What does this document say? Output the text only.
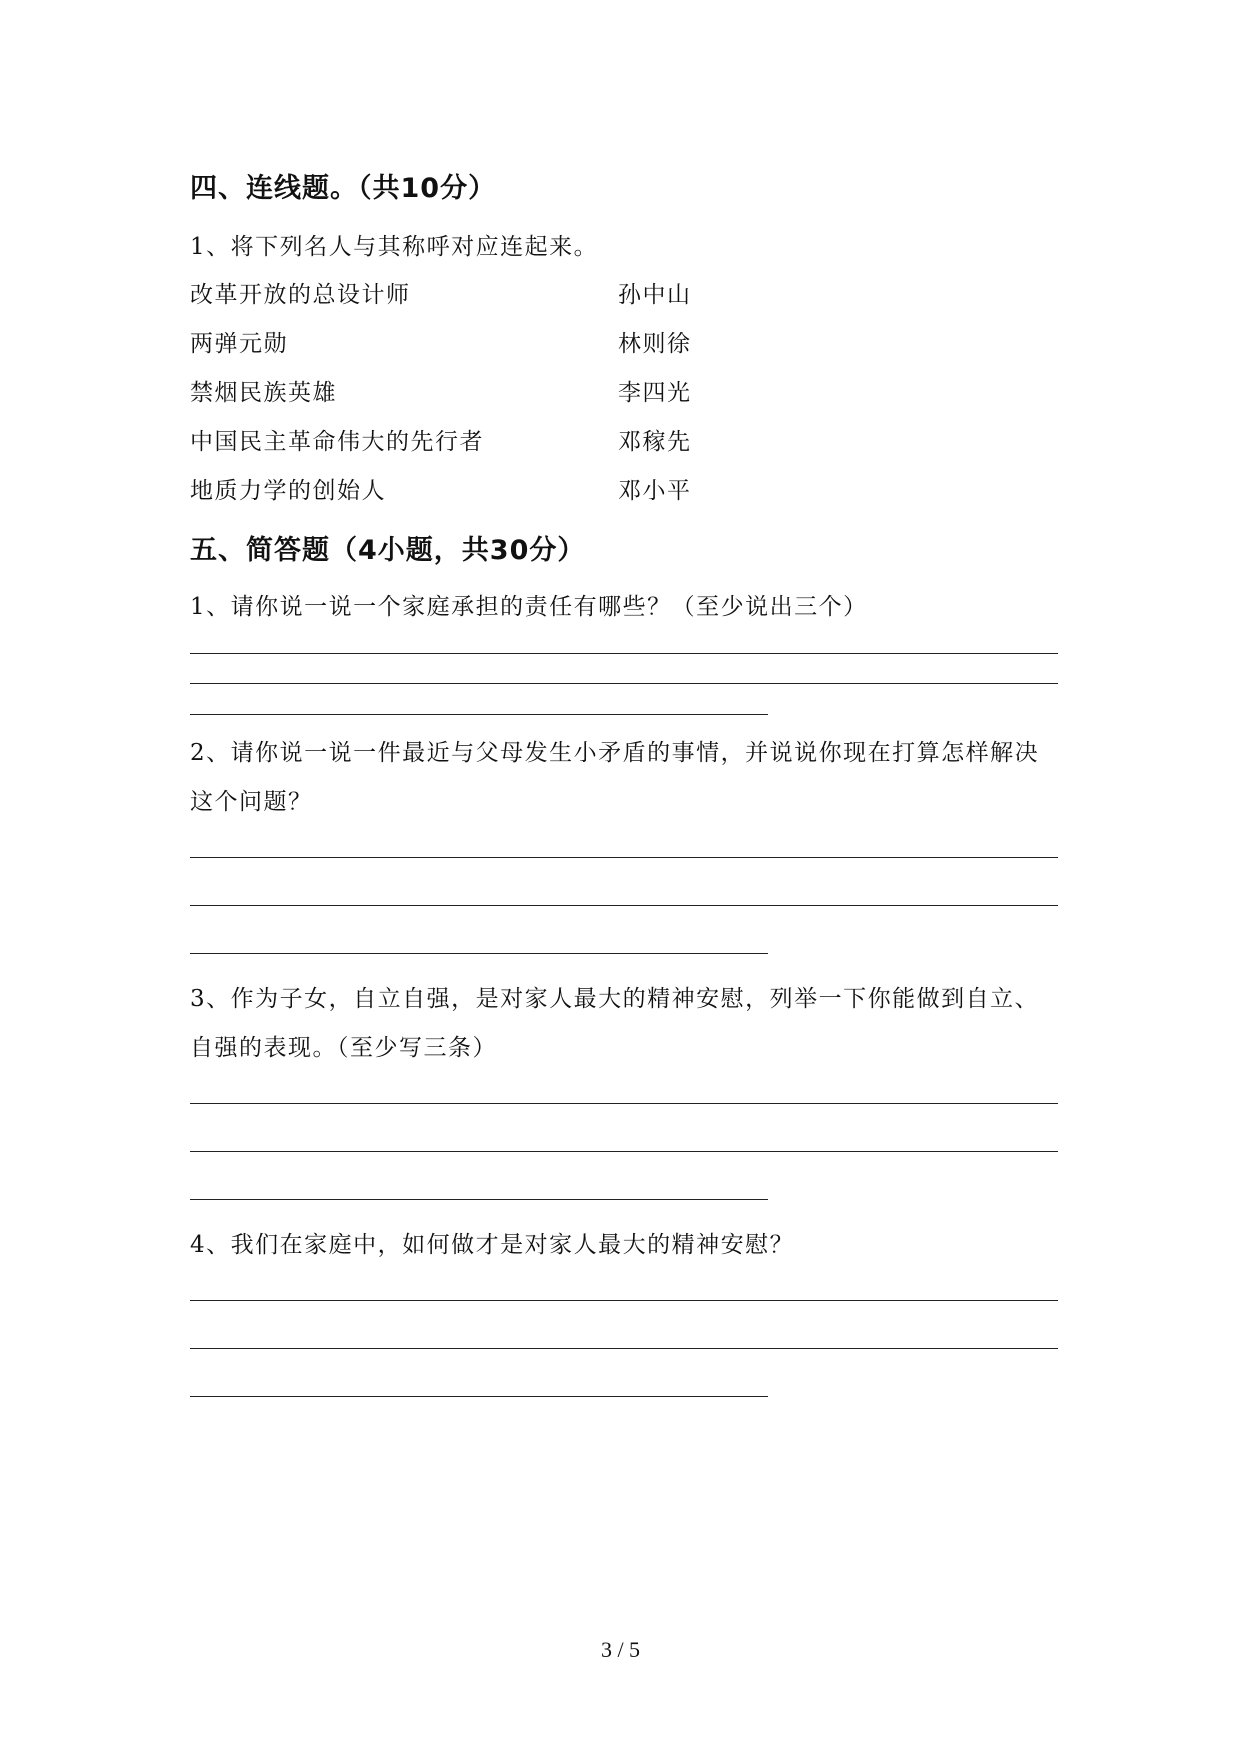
四、连线题。（共10分）
1、将下列名人与其称呼对应连起来。
改革开放的总设计师	孙中山
两弹元勋	林则徐
禁烟民族英雄	李四光
中国民主革命伟大的先行者	邓稼先
地质力学的创始人	邓小平
五、简答题（4小题，共30分）
1、请你说一说一个家庭承担的责任有哪些？（至少说出三个）
2、请你说一说一件最近与父母发生小矛盾的事情，并说说你现在打算怎样解决
这个问题？
3、作为子女，自立自强，是对家人最大的精神安慰，列举一下你能做到自立、
自强的表现。（至少写三条）
4、我们在家庭中，如何做才是对家人最大的精神安慰？
3 / 5
